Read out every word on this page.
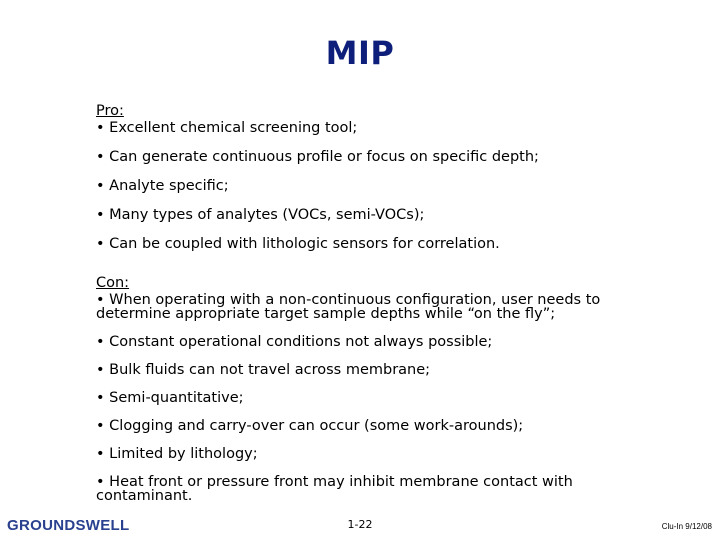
MIP
Pro:
• Excellent chemical screening tool;
• Can generate continuous profile or focus on specific depth;
• Analyte specific;
• Many types of analytes (VOCs, semi-VOCs);
• Can be coupled with lithologic sensors for correlation.
Con:
• When operating with a non-continuous configuration, user needs to determine appropriate target sample depths while “on the fly”;
• Constant operational conditions not always possible;
• Bulk fluids can not travel across membrane;
• Semi-quantitative;
• Clogging and carry-over can occur (some work-arounds);
• Limited by lithology;
• Heat front or pressure front may inhibit membrane contact with contaminant.
GROUNDSWELL	1-22	Clu-In 9/12/08
